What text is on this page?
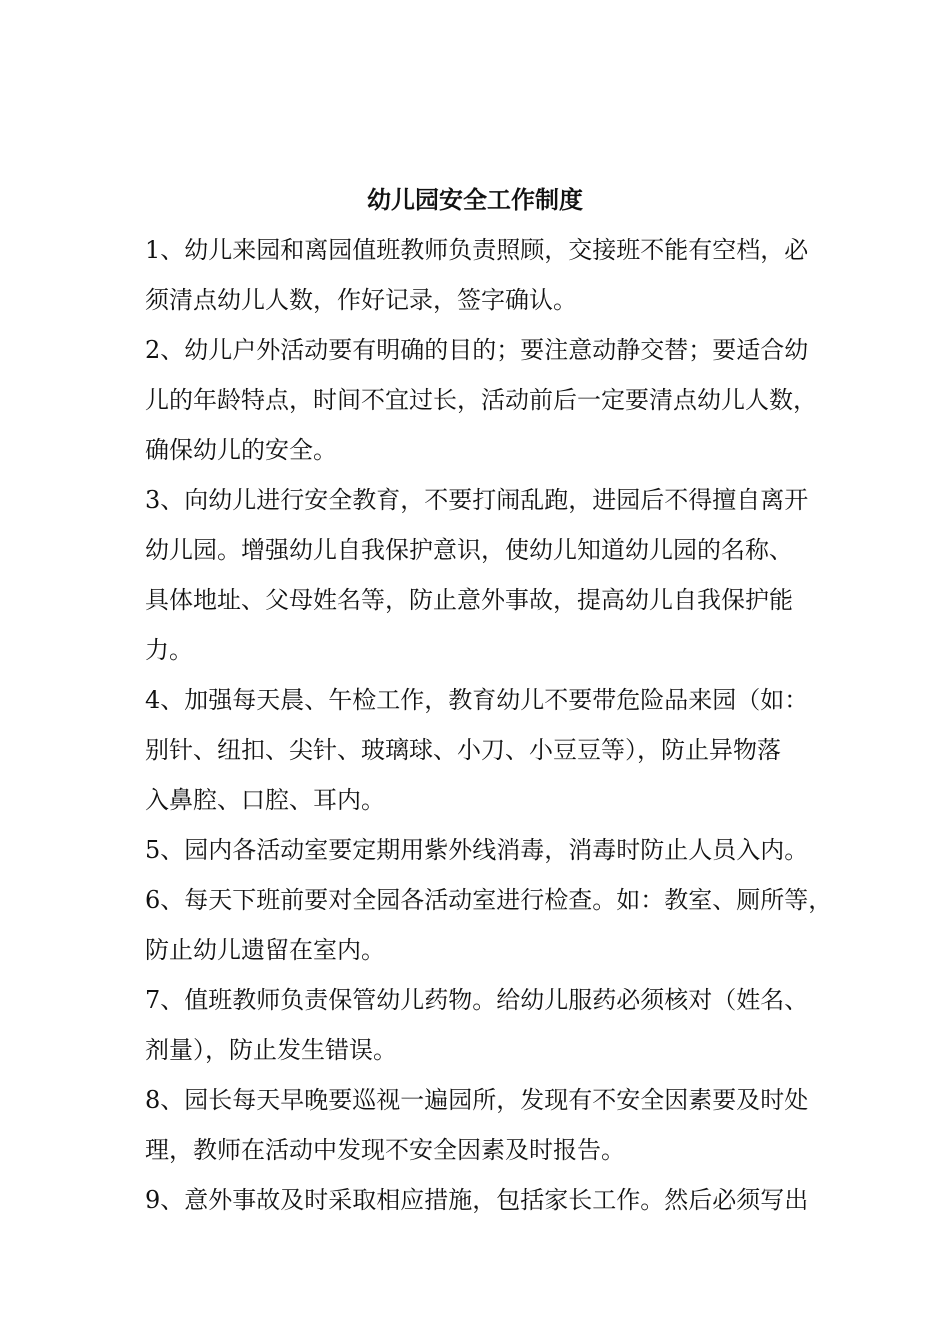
幼儿园安全工作制度
1、幼儿来园和离园值班教师负责照顾，交接班不能有空档，必
须清点幼儿人数，作好记录，签字确认。
2、幼儿户外活动要有明确的目的；要注意动静交替；要适合幼
儿的年龄特点，时间不宜过长，活动前后一定要清点幼儿人数，
确保幼儿的安全。
3、向幼儿进行安全教育，不要打闹乱跑，进园后不得擅自离开
幼儿园。增强幼儿自我保护意识，使幼儿知道幼儿园的名称、
具体地址、父母姓名等，防止意外事故，提高幼儿自我保护能
力。
4、加强每天晨、午检工作，教育幼儿不要带危险品来园（如：
别针、纽扣、尖针、玻璃球、小刀、小豆豆等），防止异物落
入鼻腔、口腔、耳内。
5、园内各活动室要定期用紫外线消毒，消毒时防止人员入内。
6、每天下班前要对全园各活动室进行检查。如：教室、厕所等，
防止幼儿遗留在室内。
7、值班教师负责保管幼儿药物。给幼儿服药必须核对（姓名、
剂量），防止发生错误。
8、园长每天早晚要巡视一遍园所，发现有不安全因素要及时处
理，教师在活动中发现不安全因素及时报告。
9、意外事故及时采取相应措施，包括家长工作。然后必须写出
